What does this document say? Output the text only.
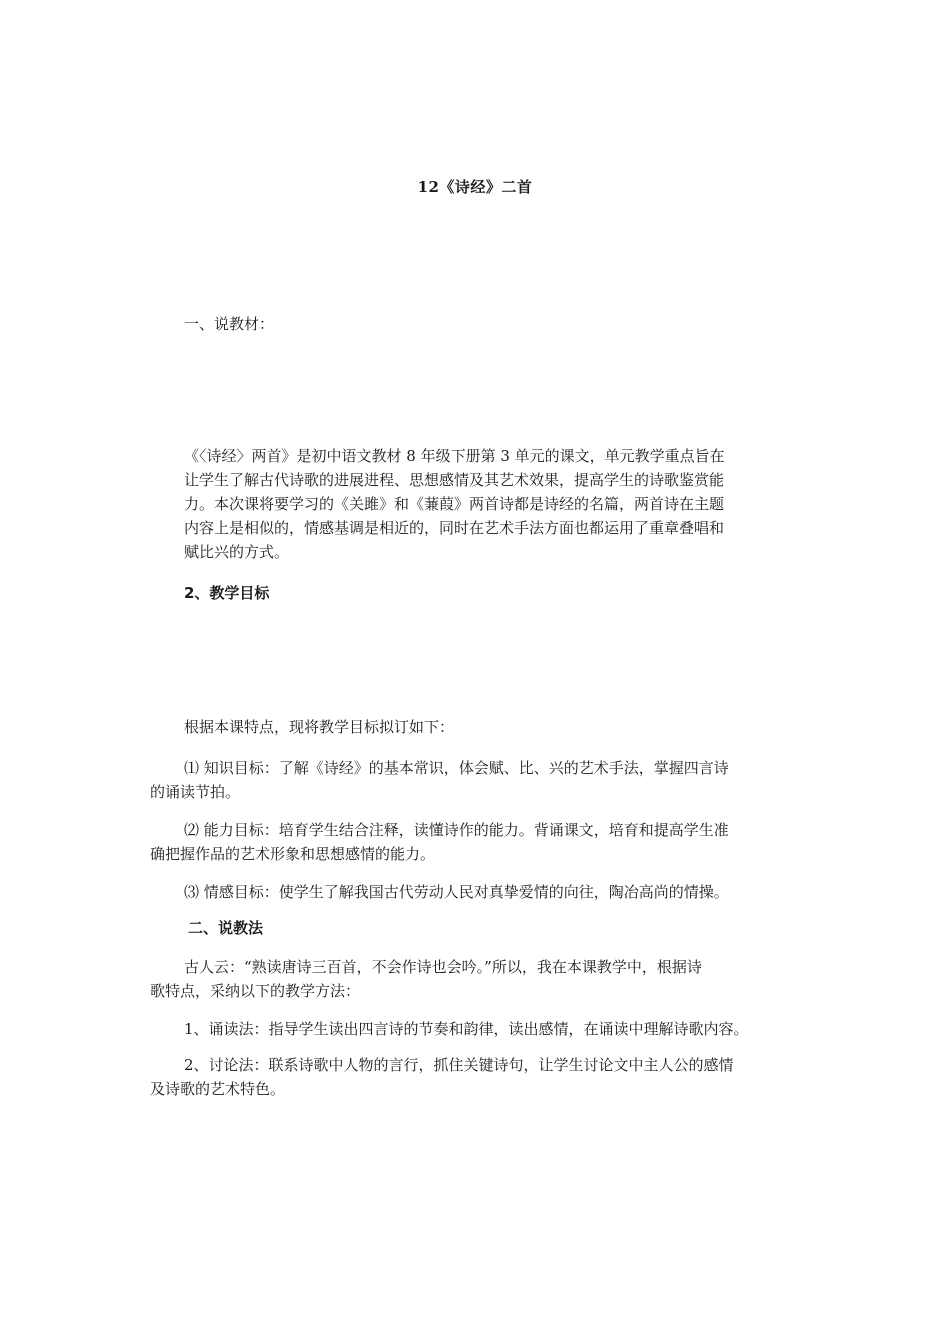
12《诗经》二首
一、说教材：
《〈诗经〉两首》是初中语文教材 8 年级下册第 3 单元的课文，单元教学重点旨在
让学生了解古代诗歌的进展进程、思想感情及其艺术效果，提高学生的诗歌鉴赏能
力。本次课将要学习的《关雎》和《蒹葭》两首诗都是诗经的名篇，两首诗在主题
内容上是相似的，情感基调是相近的，同时在艺术手法方面也都运用了重章叠唱和
赋比兴的方式。
2、教学目标
根据本课特点，现将教学目标拟订如下：
⑴ 知识目标：了解《诗经》的基本常识，体会赋、比、兴的艺术手法，掌握四言诗
的诵读节拍。
⑵ 能力目标：培育学生结合注释，读懂诗作的能力。背诵课文，培育和提高学生准
确把握作品的艺术形象和思想感情的能力。
⑶ 情感目标：使学生了解我国古代劳动人民对真挚爱情的向往，陶冶高尚的情操。
二、说教法
古人云：“熟读唐诗三百首，不会作诗也会吟。”所以，我在本课教学中，根据诗
歌特点，采纳以下的教学方法：
1、诵读法：指导学生读出四言诗的节奏和韵律，读出感情，在诵读中理解诗歌内容。
2、讨论法：联系诗歌中人物的言行，抓住关键诗句，让学生讨论文中主人公的感情
及诗歌的艺术特色。
